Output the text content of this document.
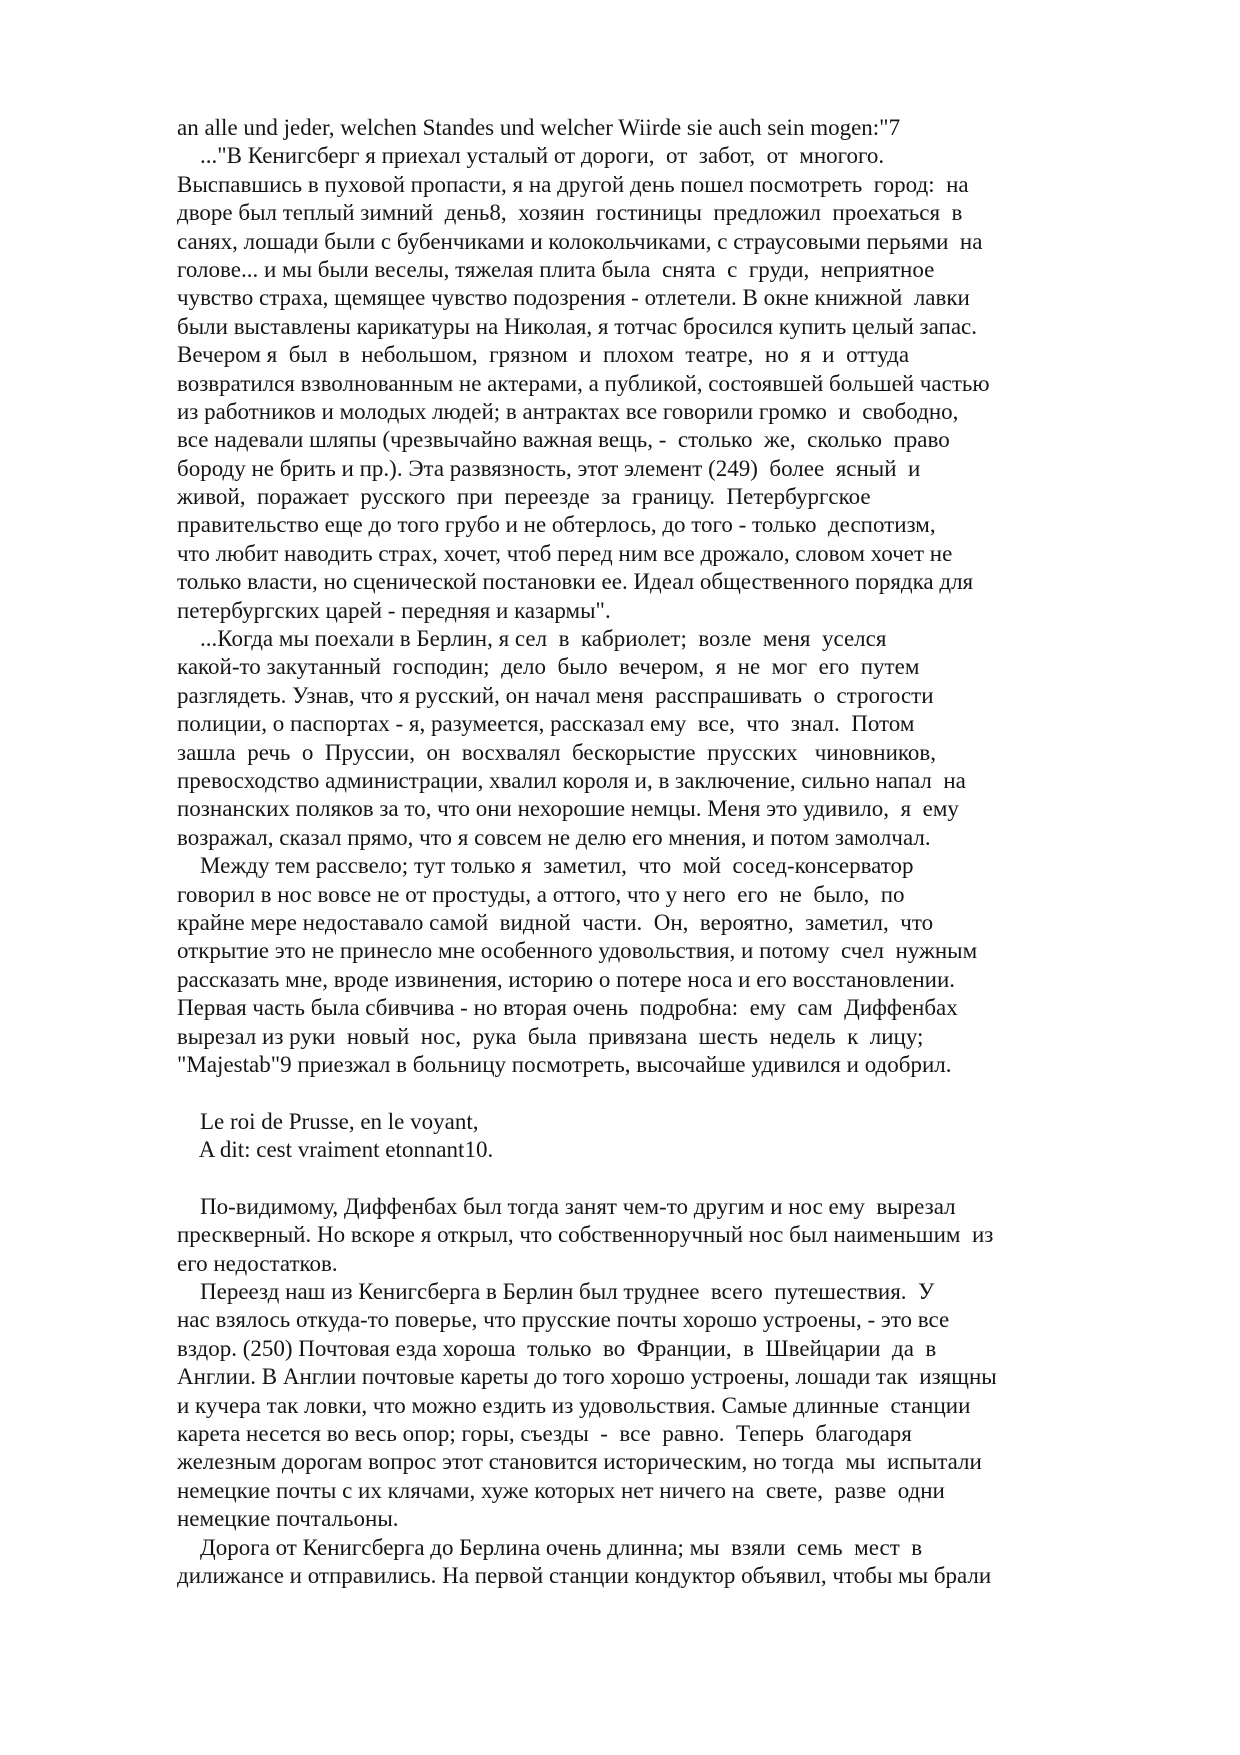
an alle und jeder, welchen Standes und welcher Wiirde sie auch sein mogen:"7
..."В Кенигсберг я приехал усталый от дороги,  от  забот,  от  многого.
Выспавшись в пуховой пропасти, я на другой день пошел посмотреть  город:  на
дворе был теплый зимний  день8,  хозяин  гостиницы  предложил  проехаться  в
санях, лошади были с бубенчиками и колокольчиками, с страусовыми перьями  на
голове... и мы были веселы, тяжелая плита была  снята  с  груди,  неприятное
чувство страха, щемящее чувство подозрения - отлетели. В окне книжной  лавки
были выставлены карикатуры на Николая, я тотчас бросился купить целый запас.
Вечером я  был  в  небольшом,  грязном  и  плохом  театре,  но  я  и  оттуда
возвратился взволнованным не актерами, а публикой, состоявшей большей частью
из работников и молодых людей; в антрактах все говорили громко  и  свободно,
все надевали шляпы (чрезвычайно важная вещь, -  столько  же,  сколько  право
бороду не брить и пр.). Эта развязность, этот элемент (249)  более  ясный  и
живой,  поражает  русского  при  переезде  за  границу.  Петербургское
правительство еще до того грубо и не обтерлось, до того - только  деспотизм,
что любит наводить страх, хочет, чтоб перед ним все дрожало, словом хочет не
только власти, но сценической постановки ее. Идеал общественного порядка для
петербургских царей - передняя и казармы".
...Когда мы поехали в Берлин, я сел  в  кабриолет;  возле  меня  уселся
какой-то закутанный  господин;  дело  было  вечером,  я  не  мог  его  путем
разглядеть. Узнав, что я русский, он начал меня  расспрашивать  о  строгости
полиции, о паспортах - я, разумеется, рассказал ему  все,  что  знал.  Потом
зашла  речь  о  Пруссии,  он  восхвалял  бескорыстие  прусских   чиновников,
превосходство администрации, хвалил короля и, в заключение, сильно напал  на
познанских поляков за то, что они нехорошие немцы. Меня это удивило,  я  ему
возражал, сказал прямо, что я совсем не делю его мнения, и потом замолчал.
Между тем рассвело; тут только я  заметил,  что  мой  сосед-консерватор
говорил в нос вовсе не от простуды, а оттого, что у него  его  не  было,  по
крайне мере недоставало самой  видной  части.  Он,  вероятно,  заметил,  что
открытие это не принесло мне особенного удовольствия, и потому  счел  нужным
рассказать мне, вроде извинения, историю о потере носа и его восстановлении.
Первая часть была сбивчива - но вторая очень  подробна:  ему  сам  Диффенбах
вырезал из руки  новый  нос,  рука  была  привязана  шесть  недель  к  лицу;
"Majestab"9 приезжал в больницу посмотреть, высочайше удивился и одобрил.
Le roi de Prusse, en le voyant,
A dit: cest vraiment etonnant10.
По-видимому, Диффенбах был тогда занят чем-то другим и нос ему  вырезал
прескверный. Но вскоре я открыл, что собственноручный нос был наименьшим  из
его недостатков.
Переезд наш из Кенигсберга в Берлин был труднее  всего  путешествия.  У
нас взялось откуда-то поверье, что прусские почты хорошо устроены, - это все
вздор. (250) Почтовая езда хороша  только  во  Франции,  в  Швейцарии  да  в
Англии. В Англии почтовые кареты до того хорошо устроены, лошади так  изящны
и кучера так ловки, что можно ездить из удовольствия. Самые длинные  станции
карета несется во весь опор; горы, съезды  -  все  равно.  Теперь  благодаря
железным дорогам вопрос этот становится историческим, но тогда  мы  испытали
немецкие почты с их клячами, хуже которых нет ничего на  свете,  разве  одни
немецкие почтальоны.
Дорога от Кенигсберга до Берлина очень длинна; мы  взяли  семь  мест  в
дилижансе и отправились. На первой станции кондуктор объявил, чтобы мы брали
